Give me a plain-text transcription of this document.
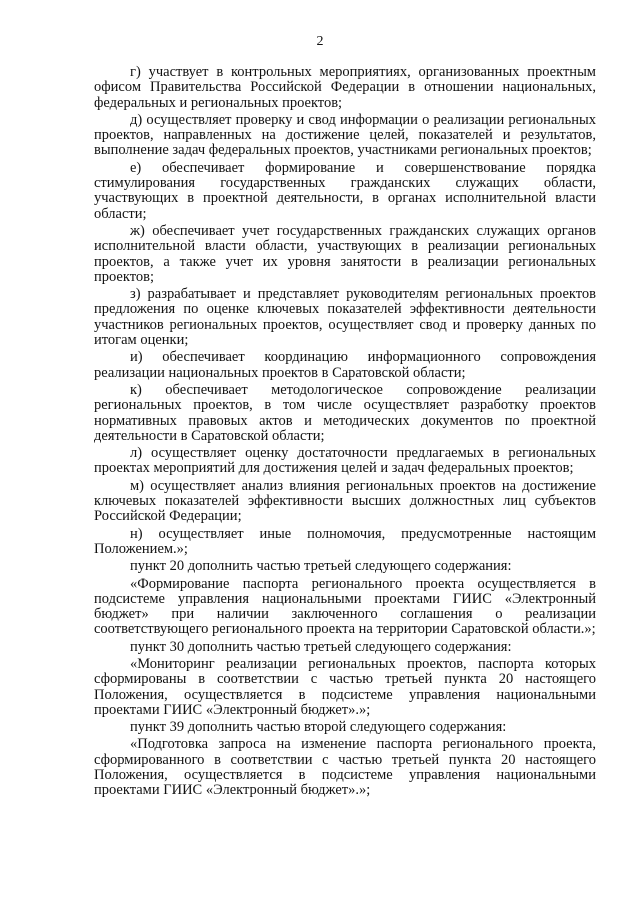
2

г) участвует в контрольных мероприятиях, организованных проектным офисом Правительства Российской Федерации в отношении национальных, федеральных и региональных проектов;

д) осуществляет проверку и свод информации о реализации региональных проектов, направленных на достижение целей, показателей и результатов, выполнение задач федеральных проектов, участниками региональных проектов;

е) обеспечивает формирование и совершенствование порядка стимулирования государственных гражданских служащих области, участвующих в проектной деятельности, в органах исполнительной власти области;

ж) обеспечивает учет государственных гражданских служащих органов исполнительной власти области, участвующих в реализации региональных проектов, а также учет их уровня занятости в реализации региональных проектов;

з) разрабатывает и представляет руководителям региональных проектов предложения по оценке ключевых показателей эффективности деятельности участников региональных проектов, осуществляет свод и проверку данных по итогам оценки;

и) обеспечивает координацию информационного сопровождения реализации национальных проектов в Саратовской области;

к) обеспечивает методологическое сопровождение реализации региональных проектов, в том числе осуществляет разработку проектов нормативных правовых актов и методических документов по проектной деятельности в Саратовской области;

л) осуществляет оценку достаточности предлагаемых в региональных проектах мероприятий для достижения целей и задач федеральных проектов;

м) осуществляет анализ влияния региональных проектов на достижение ключевых показателей эффективности высших должностных лиц субъектов Российской Федерации;

н) осуществляет иные полномочия, предусмотренные настоящим Положением.»;

пункт 20 дополнить частью третьей следующего содержания:

«Формирование паспорта регионального проекта осуществляется в подсистеме управления национальными проектами ГИИС «Электронный бюджет» при наличии заключенного соглашения о реализации соответствующего регионального проекта на территории Саратовской области.»;

пункт 30 дополнить частью третьей следующего содержания:

«Мониторинг реализации региональных проектов, паспорта которых сформированы в соответствии с частью третьей пункта 20 настоящего Положения, осуществляется в подсистеме управления национальными проектами ГИИС «Электронный бюджет».»;

пункт 39 дополнить частью второй следующего содержания:

«Подготовка запроса на изменение паспорта регионального проекта, сформированного в соответствии с частью третьей пункта 20 настоящего Положения, осуществляется в подсистеме управления национальными проектами ГИИС «Электронный бюджет».»;
